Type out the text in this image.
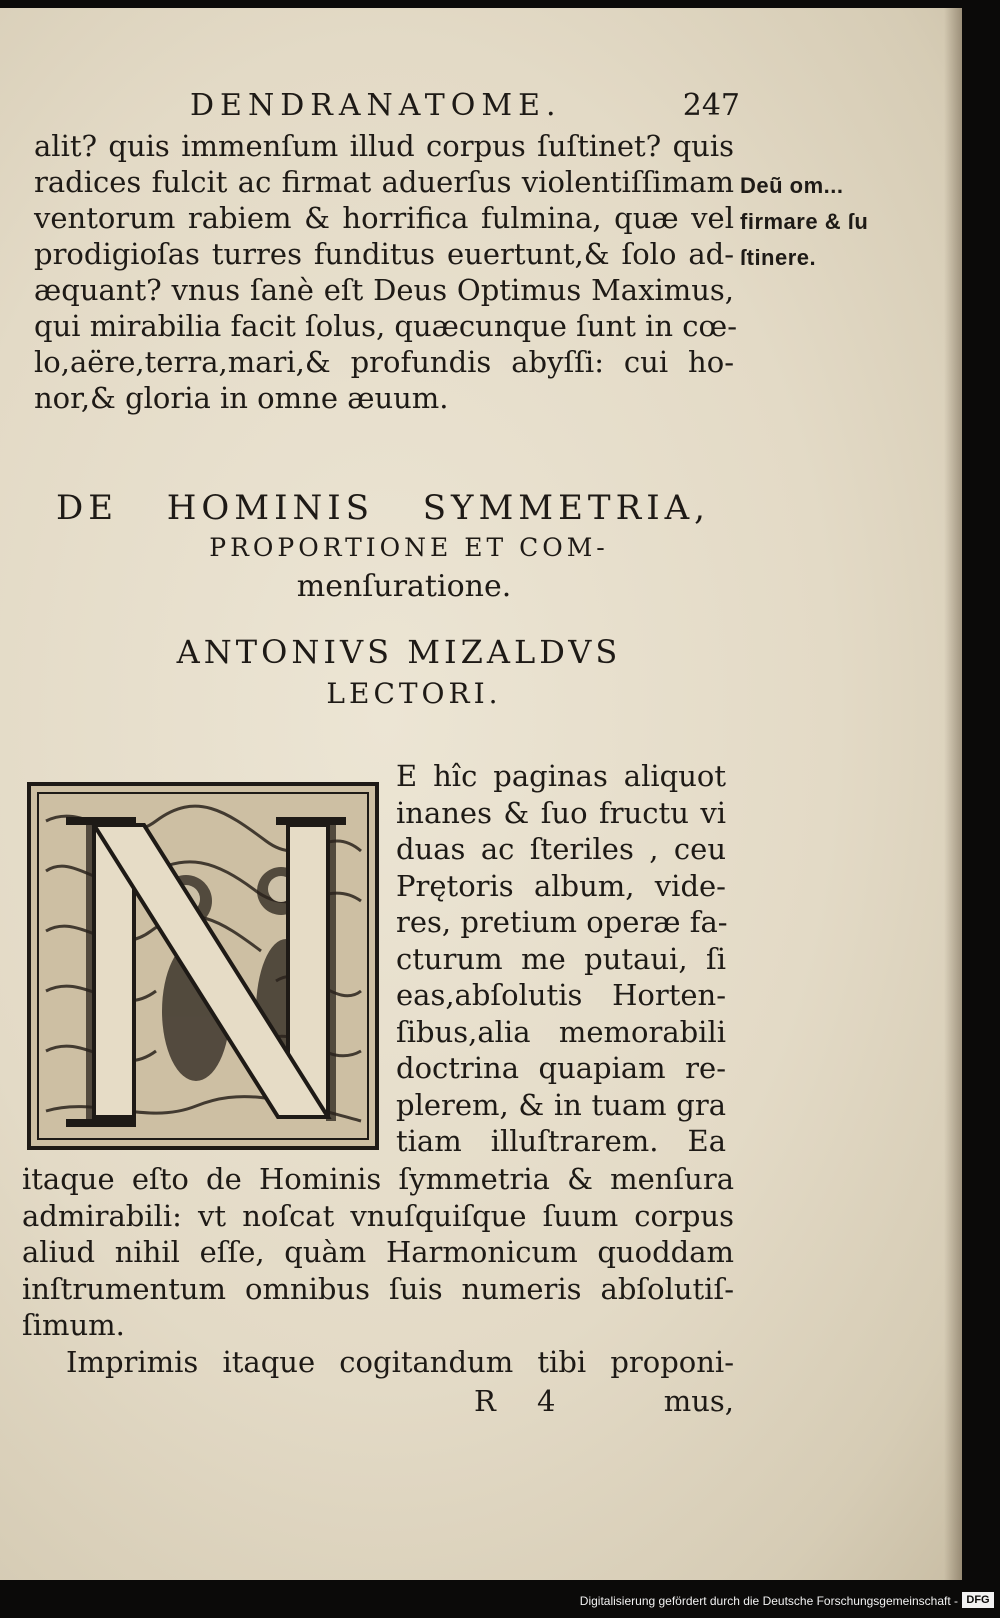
DENDRANATOME.	247
alit? quis immenſum illud corpus ſuſtinet? quis
radices fulcit ac firmat aduerſus violentiſſimam
ventorum rabiem & horrifica fulmina, quæ vel
prodigioſas turres funditus euertunt,& ſolo ad-
æquant? vnus ſanè eſt Deus Optimus Maximus,
qui mirabilia facit ſolus, quæcunque ſunt in cœ-
lo,aëre,terra,mari,& profundis abyſſi: cui ho-
nor,& gloria in omne æuum.
Deũ om...
firmare & ſu
ſtinere.
DE HOMINIS SYMMETRIA,
PROPORTIONE ET COM-
menſuratione.
ANTONIVS MIZALDVS
LECTORI.
E hîc paginas aliquot
inanes & ſuo fructu vi
duas ac ſteriles , ceu
Prętoris album, vide-
res, pretium operæ fa-
cturum me putaui, ſi
eas,abſolutis Horten-
ſibus,alia memorabili
doctrina quapiam re-
plerem, & in tuam gra
tiam illuſtrarem. Ea
itaque eſto de Hominis ſymmetria & menſura
admirabili: vt noſcat vnuſquiſque ſuum corpus
aliud nihil eſſe, quàm Harmonicum quoddam
inſtrumentum omnibus ſuis numeris abſolutiſ-
ſimum.
Imprimis itaque cogitandum tibi proponi-
R 4	mus,
Digitalisierung gefördert durch die Deutsche Forschungsgemeinschaft - DFG
